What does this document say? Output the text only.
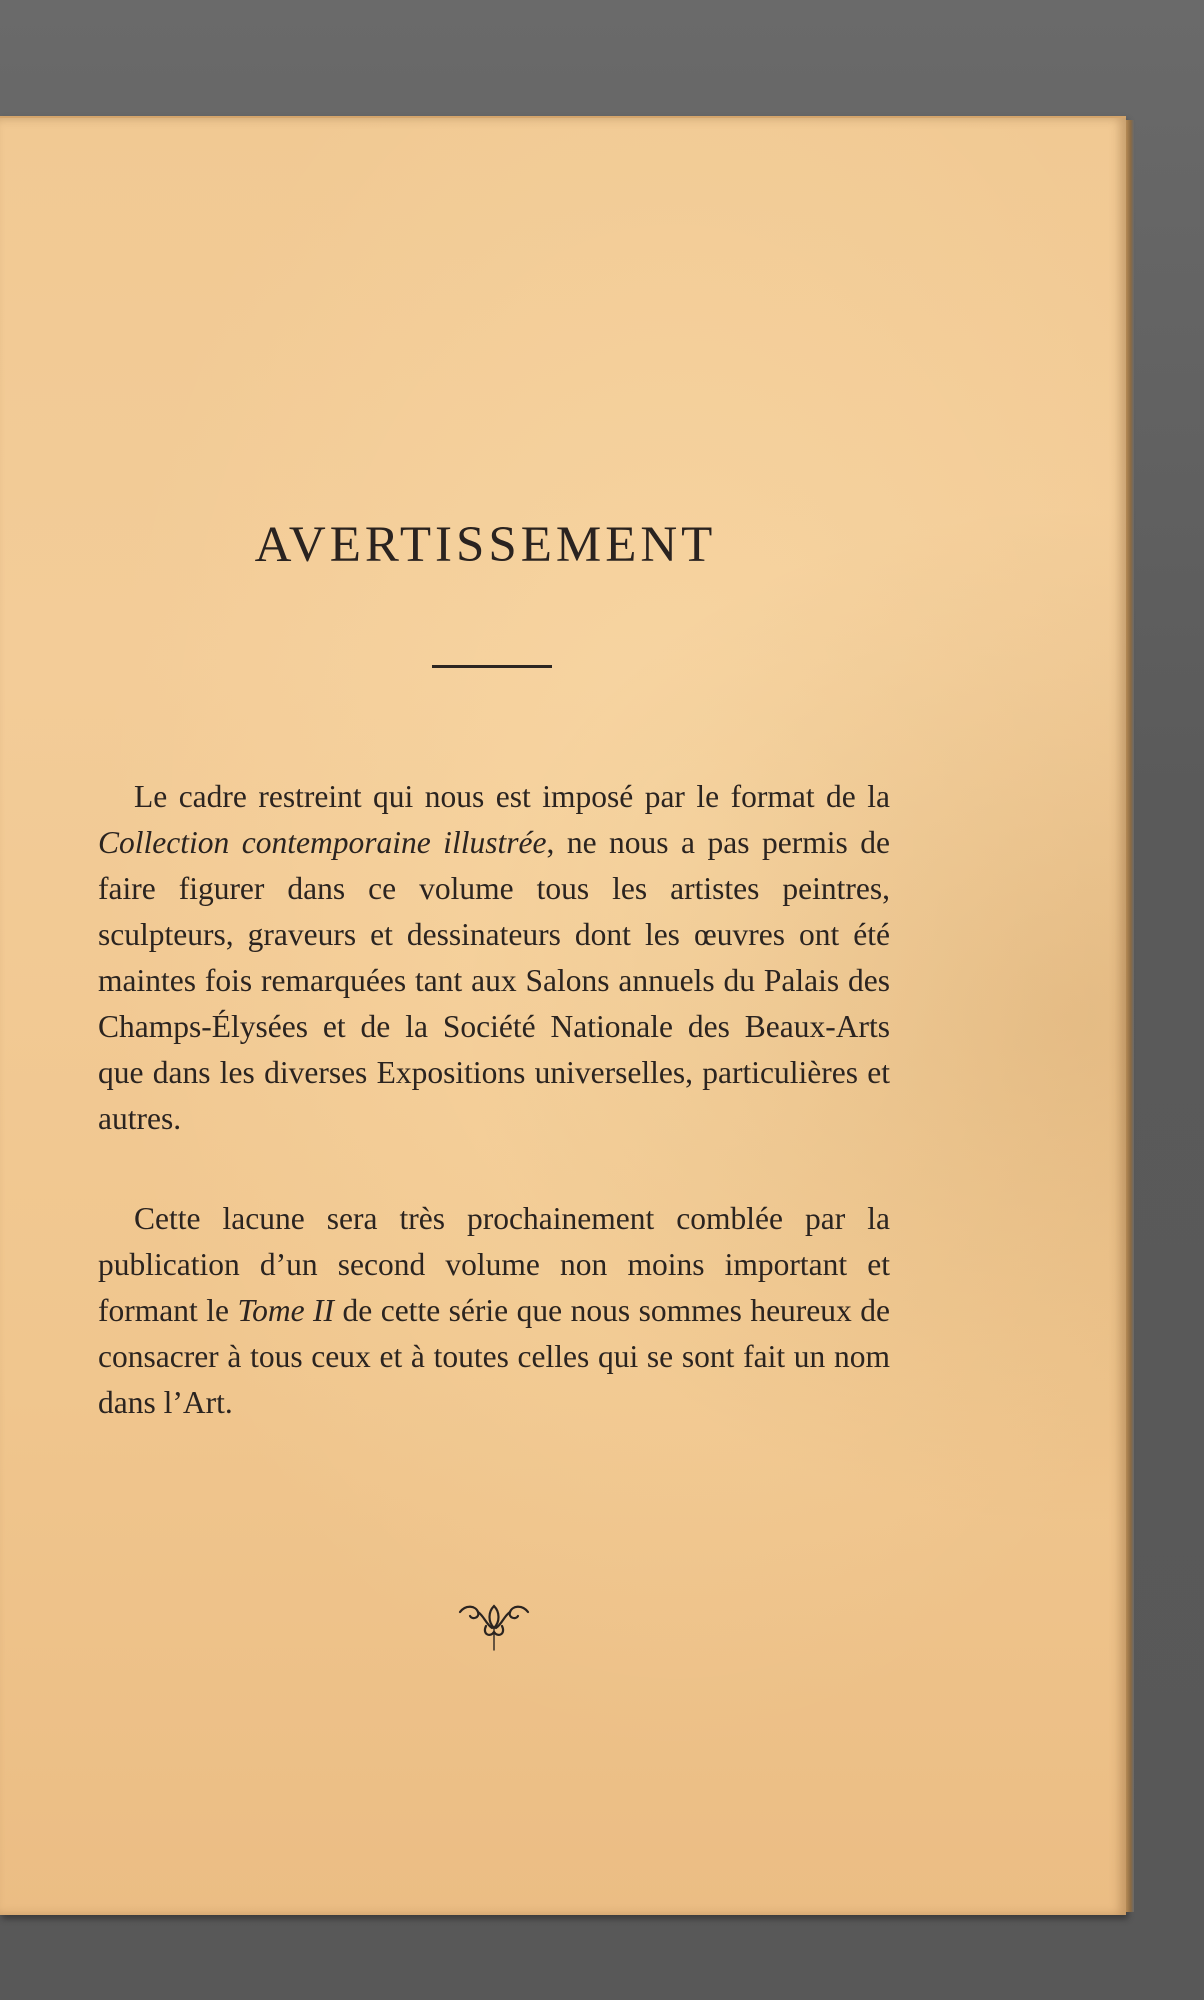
AVERTISSEMENT

Le cadre restreint qui nous est imposé par le format de la Collection contemporaine illustrée, ne nous a pas permis de faire figurer dans ce volume tous les artistes peintres, sculpteurs, graveurs et dessinateurs dont les œuvres ont été maintes fois remarquées tant aux Salons annuels du Palais des Champs-Élysées et de la Société Nationale des Beaux-Arts que dans les diverses Expositions universelles, particulières et autres.

Cette lacune sera très prochainement comblée par la publication d’un second volume non moins important et formant le Tome II de cette série que nous sommes heureux de consacrer à tous ceux et à toutes celles qui se sont fait un nom dans l’Art.
